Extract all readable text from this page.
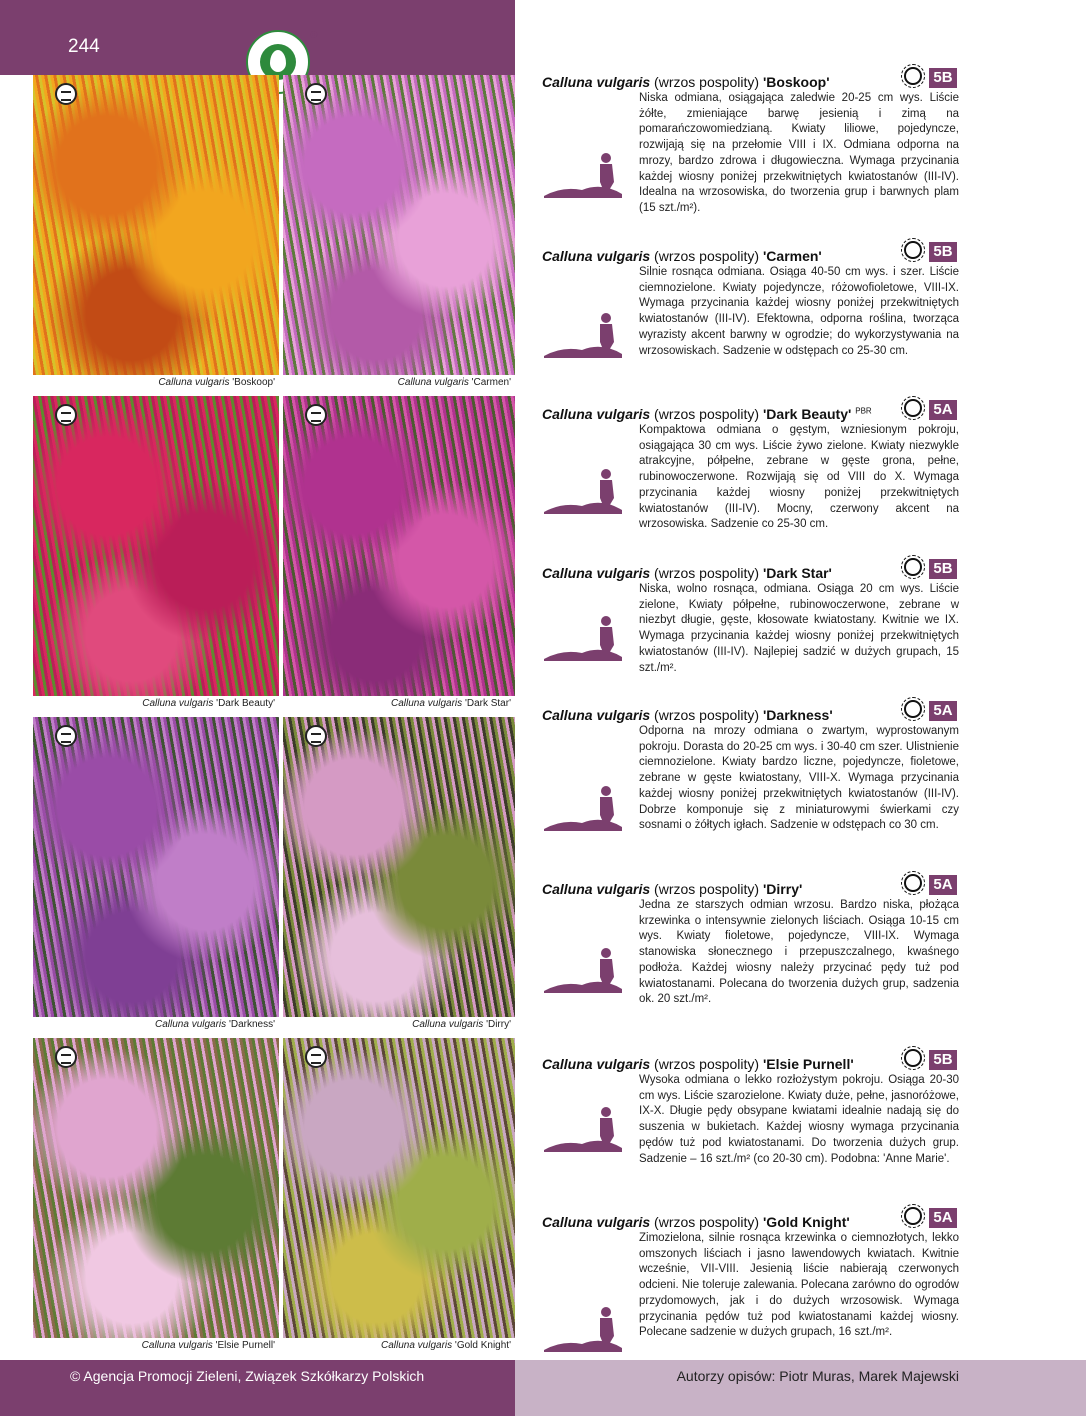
244
®
Calluna vulgaris 'Boskoop'	Calluna vulgaris 'Carmen'
Calluna vulgaris 'Dark Beauty'	Calluna vulgaris 'Dark Star'
Calluna vulgaris 'Darkness'	Calluna vulgaris 'Dirry'
Calluna vulgaris 'Elsie Purnell'	Calluna vulgaris 'Gold Knight'
Calluna vulgaris (wrzos pospolity) 'Boskoop'	5B
Niska odmiana, osiągająca zaledwie 20-25 cm wys. Liście żółte, zmieniające barwę jesienią i zimą na pomarańczowomiedzianą. Kwiaty liliowe, pojedyncze, rozwijają się na przełomie VIII i IX. Odmiana odporna na mrozy, bardzo zdrowa i długowieczna. Wymaga przycinania każdej wiosny poniżej przekwitniętych kwiatostanów (III-IV). Idealna na wrzosowiska, do tworzenia grup i barwnych plam (15 szt./m²).
Calluna vulgaris (wrzos pospolity) 'Carmen'	5B
Silnie rosnąca odmiana. Osiąga 40-50 cm wys. i szer. Liście ciemnozielone. Kwiaty pojedyncze, różowofioletowe, VIII-IX. Wymaga przycinania każdej wiosny poniżej przekwitniętych kwiatostanów (III-IV). Efektowna, odporna roślina, tworząca wyrazisty akcent barwny w ogrodzie; do wykorzystywania na wrzosowiskach. Sadzenie w odstępach co 25-30 cm.
Calluna vulgaris (wrzos pospolity) 'Dark Beauty' $^{PBR}$	5A
Kompaktowa odmiana o gęstym, wzniesionym pokroju, osiągająca 30 cm wys. Liście żywo zielone. Kwiaty niezwykle atrakcyjne, półpełne, zebrane w gęste grona, pełne, rubinowoczerwone. Rozwijają się od VIII do X. Wymaga przycinania każdej wiosny poniżej przekwitniętych kwiatostanów (III-IV). Mocny, czerwony akcent na wrzosowiska. Sadzenie co 25-30 cm.
Calluna vulgaris (wrzos pospolity) 'Dark Star'	5B
Niska, wolno rosnąca, odmiana. Osiąga 20 cm wys. Liście zielone, Kwiaty półpełne, rubinowoczerwone, zebrane w niezbyt długie, gęste, kłosowate kwiatostany. Kwitnie we IX. Wymaga przycinania każdej wiosny poniżej przekwitniętych kwiatostanów (III-IV). Najlepiej sadzić w dużych grupach, 15 szt./m².
Calluna vulgaris (wrzos pospolity) 'Darkness'	5A
Odporna na mrozy odmiana o zwartym, wyprostowanym pokroju. Dorasta do 20-25 cm wys. i 30-40 cm szer. Ulistnienie ciemnozielone. Kwiaty bardzo liczne, pojedyncze, fioletowe, zebrane w gęste kwiatostany, VIII-X. Wymaga przycinania każdej wiosny poniżej przekwitniętych kwiatostanów (III-IV). Dobrze komponuje się z miniaturowymi świerkami czy sosnami o żółtych igłach. Sadzenie w odstępach co 30 cm.
Calluna vulgaris (wrzos pospolity) 'Dirry'	5A
Jedna ze starszych odmian wrzosu. Bardzo niska, płożąca krzewinka o intensywnie zielonych liściach. Osiąga 10-15 cm wys. Kwiaty fioletowe, pojedyncze, VIII-IX. Wymaga stanowiska słonecznego i przepuszczalnego, kwaśnego podłoża. Każdej wiosny należy przycinać pędy tuż pod kwiatostanami. Polecana do tworzenia dużych grup, sadzenia ok. 20 szt./m².
Calluna vulgaris (wrzos pospolity) 'Elsie Purnell'	5B
Wysoka odmiana o lekko rozłożystym pokroju. Osiąga 20-30 cm wys. Liście szarozielone. Kwiaty duże, pełne, jasnoróżowe, IX-X. Długie pędy obsypane kwiatami idealnie nadają się do suszenia w bukietach. Każdej wiosny wymaga przycinania pędów tuż pod kwiatostanami. Do tworzenia dużych grup. Sadzenie – 16 szt./m² (co 20-30 cm). Podobna: 'Anne Marie'.
Calluna vulgaris (wrzos pospolity) 'Gold Knight'	5A
Zimozielona, silnie rosnąca krzewinka o ciemnozłotych, lekko omszonych liściach i jasno lawendowych kwiatach. Kwitnie wcześnie, VII-VIII. Jesienią liście nabierają czerwonych odcieni. Nie toleruje zalewania. Polecana zarówno do ogrodów przydomowych, jak i do dużych wrzosowisk. Wymaga przycinania pędów tuż pod kwiatostanami każdej wiosny. Polecane sadzenie w dużych grupach, 16 szt./m².
© Agencja Promocji Zieleni, Związek Szkółkarzy Polskich	Autorzy opisów: Piotr Muras, Marek Majewski
